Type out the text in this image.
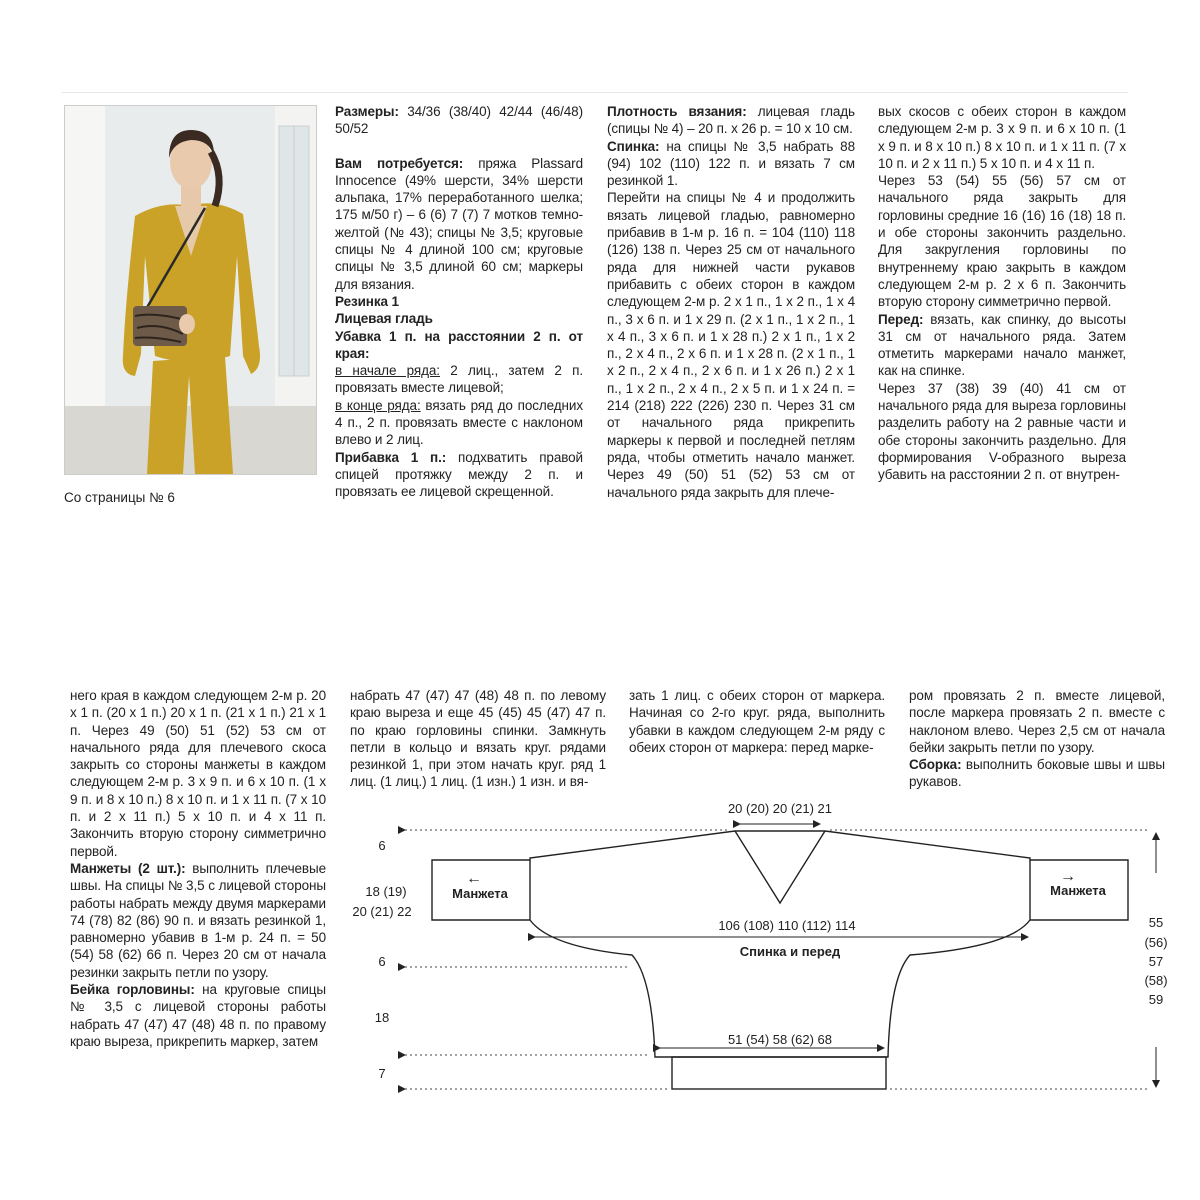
Со страницы № 6

Размеры: 34/36 (38/40) 42/44 (46/48) 50/52

Вам потребуется: пряжа Plassard Innocence (49% шерсти, 34% шерсти альпака, 17% переработанного шелка; 175 м/50 г) – 6 (6) 7 (7) 7 мотков темно-желтой (№ 43); спицы № 3,5; круговые спицы № 4 длиной 100 см; круговые спицы № 3,5 длиной 60 см; маркеры для вязания.

Резинка 1

Лицевая гладь

Убавка 1 п. на расстоянии 2 п. от края:

в начале ряда: 2 лиц., затем 2 п. провязать вместе лицевой;

в конце ряда: вязать ряд до последних 4 п., 2 п. провязать вместе с наклоном влево и 2 лиц.

Прибавка 1 п.: подхватить правой спицей протяжку между 2 п. и провязать ее лицевой скрещенной.

Плотность вязания: лицевая гладь (спицы № 4) – 20 п. х 26 р. = 10 х 10 см.

Спинка: на спицы № 3,5 набрать 88 (94) 102 (110) 122 п. и вязать 7 см резинкой 1.

Перейти на спицы № 4 и продолжить вязать лицевой гладью, равномерно прибавив в 1-м р. 16 п. = 104 (110) 118 (126) 138 п. Через 25 см от начального ряда для нижней части рукавов прибавить с обеих сторон в каждом следующем 2-м р. 2 х 1 п., 1 х 2 п., 1 х 4 п., 3 х 6 п. и 1 х 29 п. (2 х 1 п., 1 х 2 п., 1 х 4 п., 3 х 6 п. и 1 х 28 п.) 2 х 1 п., 1 х 2 п., 2 х 4 п., 2 х 6 п. и 1 х 28 п. (2 х 1 п., 1 х 2 п., 2 х 4 п., 2 х 6 п. и 1 х 26 п.) 2 х 1 п., 1 х 2 п., 2 х 4 п., 2 х 5 п. и 1 х 24 п. = 214 (218) 222 (226) 230 п. Через 31 см от начального ряда прикрепить маркеры к первой и последней петлям ряда, чтобы отметить начало манжет. Через 49 (50) 51 (52) 53 см от начального ряда закрыть для плече-

вых скосов с обеих сторон в каждом следующем 2-м р. 3 х 9 п. и 6 х 10 п. (1 х 9 п. и 8 х 10 п.) 8 х 10 п. и 1 х 11 п. (7 х 10 п. и 2 х 11 п.) 5 х 10 п. и 4 х 11 п.

Через 53 (54) 55 (56) 57 см от начального ряда закрыть для горловины средние 16 (16) 16 (18) 18 п. и обе стороны закончить раздельно. Для закругления горловины по внутреннему краю закрыть в каждом следующем 2-м р. 2 х 6 п. Закончить вторую сторону симметрично первой.

Перед: вязать, как спинку, до высоты 31 см от начального ряда. Затем отметить маркерами начало манжет, как на спинке.

Через 37 (38) 39 (40) 41 см от начального ряда для выреза горловины разделить работу на 2 равные части и обе стороны закончить раздельно. Для формирования V-образного выреза убавить на расстоянии 2 п. от внутрен-

него края в каждом следующем 2-м р. 20 х 1 п. (20 х 1 п.) 20 х 1 п. (21 х 1 п.) 21 х 1 п. Через 49 (50) 51 (52) 53 см от начального ряда для плечевого скоса закрыть со стороны манжеты в каждом следующем 2-м р. 3 х 9 п. и 6 х 10 п. (1 х 9 п. и 8 х 10 п.) 8 х 10 п. и 1 х 11 п. (7 х 10 п. и 2 х 11 п.) 5 х 10 п. и 4 х 11 п. Закончить вторую сторону симметрично первой.

Манжеты (2 шт.): выполнить плечевые швы. На спицы № 3,5 с лицевой стороны работы набрать между двумя маркерами 74 (78) 82 (86) 90 п. и вязать резинкой 1, равномерно убавив в 1-м р. 24 п. = 50 (54) 58 (62) 66 п. Через 20 см от начала резинки закрыть петли по узору.

Бейка горловины: на круговые спицы № 3,5 с лицевой стороны работы набрать 47 (47) 47 (48) 48 п. по правому краю выреза, прикрепить маркер, затем

набрать 47 (47) 47 (48) 48 п. по левому краю выреза и еще 45 (45) 45 (47) 47 п. по краю горловины спинки. Замкнуть петли в кольцо и вязать круг. рядами резинкой 1, при этом начать круг. ряд 1 лиц. (1 лиц.) 1 лиц. (1 изн.) 1 изн. и вя-

зать 1 лиц. с обеих сторон от маркера. Начиная со 2-го круг. ряда, выполнить убавки в каждом следующем 2-м ряду с обеих сторон от маркера: перед марке-

ром провязать 2 п. вместе лицевой, после маркера провязать 2 п. вместе с наклоном влево. Через 2,5 см от начала бейки закрыть петли по узору.

Сборка: выполнить боковые швы и швы рукавов.

20 (20) 20 (21) 21
106 (108) 110 (112) 114
Спинка и перед
51 (54) 58 (62) 68
Манжета	Манжета
←	→
6
18 (19)
20 (21) 22
6
18
7
55
(56)
57
(58)
59
